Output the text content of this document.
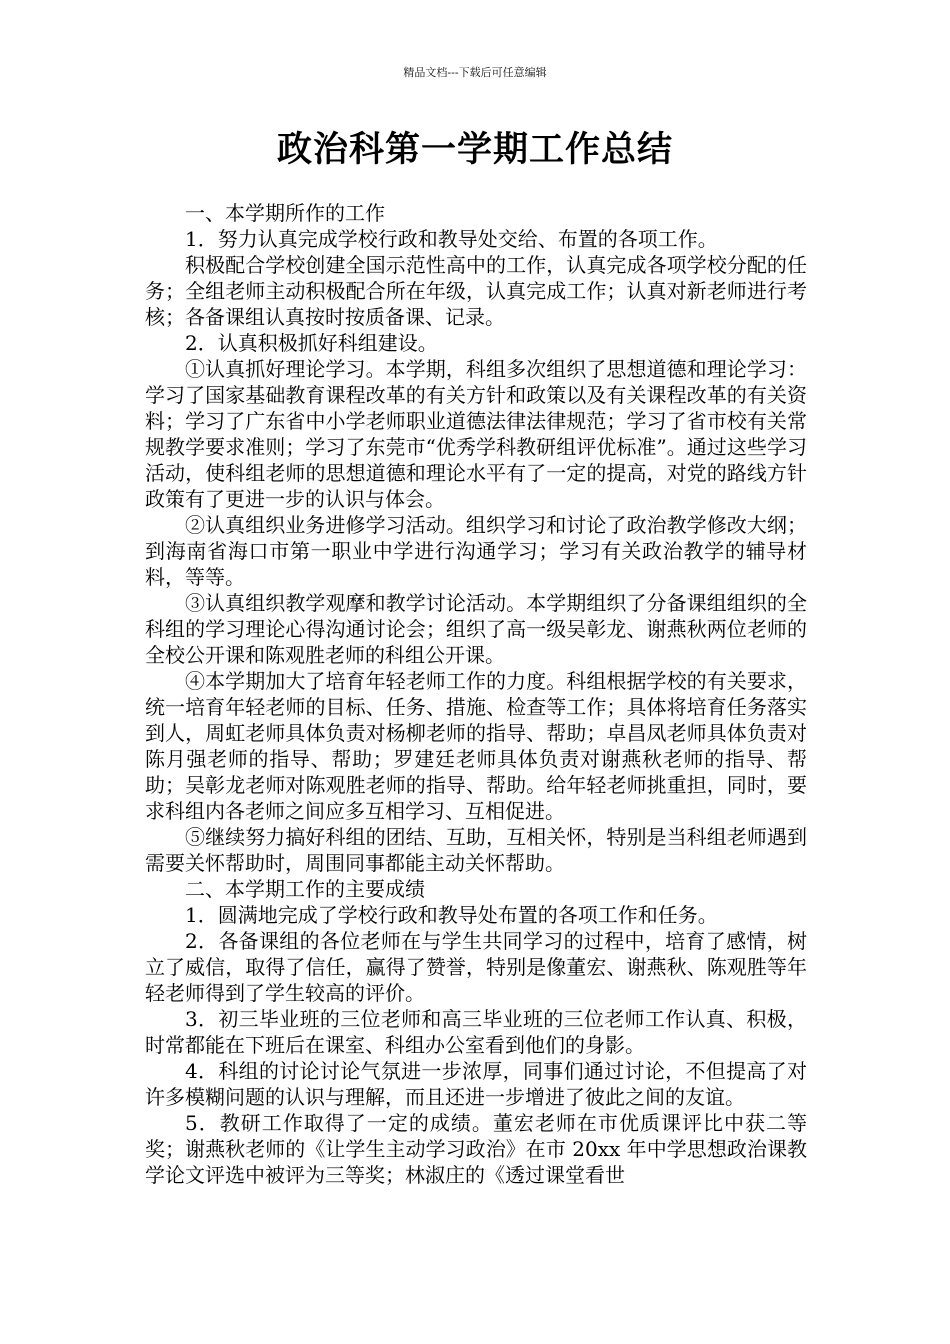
精品文档---下载后可任意编辑
政治科第一学期工作总结

一、本学期所作的工作

1．努力认真完成学校行政和教导处交给、布置的各项工作。

积极配合学校创建全国示范性高中的工作，认真完成各项学校分配的任务；全组老师主动积极配合所在年级，认真完成工作；认真对新老师进行考核；各备课组认真按时按质备课、记录。

2．认真积极抓好科组建设。

①认真抓好理论学习。本学期，科组多次组织了思想道德和理论学习：学习了国家基础教育课程改革的有关方针和政策以及有关课程改革的有关资料；学习了广东省中小学老师职业道德法律法律规范；学习了省市校有关常规教学要求准则；学习了东莞市“优秀学科教研组评优标准”。通过这些学习活动，使科组老师的思想道德和理论水平有了一定的提高，对党的路线方针政策有了更进一步的认识与体会。

②认真组织业务进修学习活动。组织学习和讨论了政治教学修改大纲；到海南省海口市第一职业中学进行沟通学习；学习有关政治教学的辅导材料，等等。

③认真组织教学观摩和教学讨论活动。本学期组织了分备课组组织的全科组的学习理论心得沟通讨论会；组织了高一级吴彰龙、谢燕秋两位老师的全校公开课和陈观胜老师的科组公开课。

④本学期加大了培育年轻老师工作的力度。科组根据学校的有关要求，统一培育年轻老师的目标、任务、措施、检查等工作；具体将培育任务落实到人，周虹老师具体负责对杨柳老师的指导、帮助；卓昌凤老师具体负责对陈月强老师的指导、帮助；罗建廷老师具体负责对谢燕秋老师的指导、帮助；吴彰龙老师对陈观胜老师的指导、帮助。给年轻老师挑重担，同时，要求科组内各老师之间应多互相学习、互相促进。

⑤继续努力搞好科组的团结、互助，互相关怀，特别是当科组老师遇到需要关怀帮助时，周围同事都能主动关怀帮助。

二、本学期工作的主要成绩

1．圆满地完成了学校行政和教导处布置的各项工作和任务。

2．各备课组的各位老师在与学生共同学习的过程中，培育了感情，树立了威信，取得了信任，赢得了赞誉，特别是像董宏、谢燕秋、陈观胜等年轻老师得到了学生较高的评价。

3．初三毕业班的三位老师和高三毕业班的三位老师工作认真、积极，时常都能在下班后在课室、科组办公室看到他们的身影。

4．科组的讨论讨论气氛进一步浓厚，同事们通过讨论，不但提高了对许多模糊问题的认识与理解，而且还进一步增进了彼此之间的友谊。

5．教研工作取得了一定的成绩。董宏老师在市优质课评比中获二等奖；谢燕秋老师的《让学生主动学习政治》在市 20xx 年中学思想政治课教学论文评选中被评为三等奖；林淑庄的《透过课堂看世
